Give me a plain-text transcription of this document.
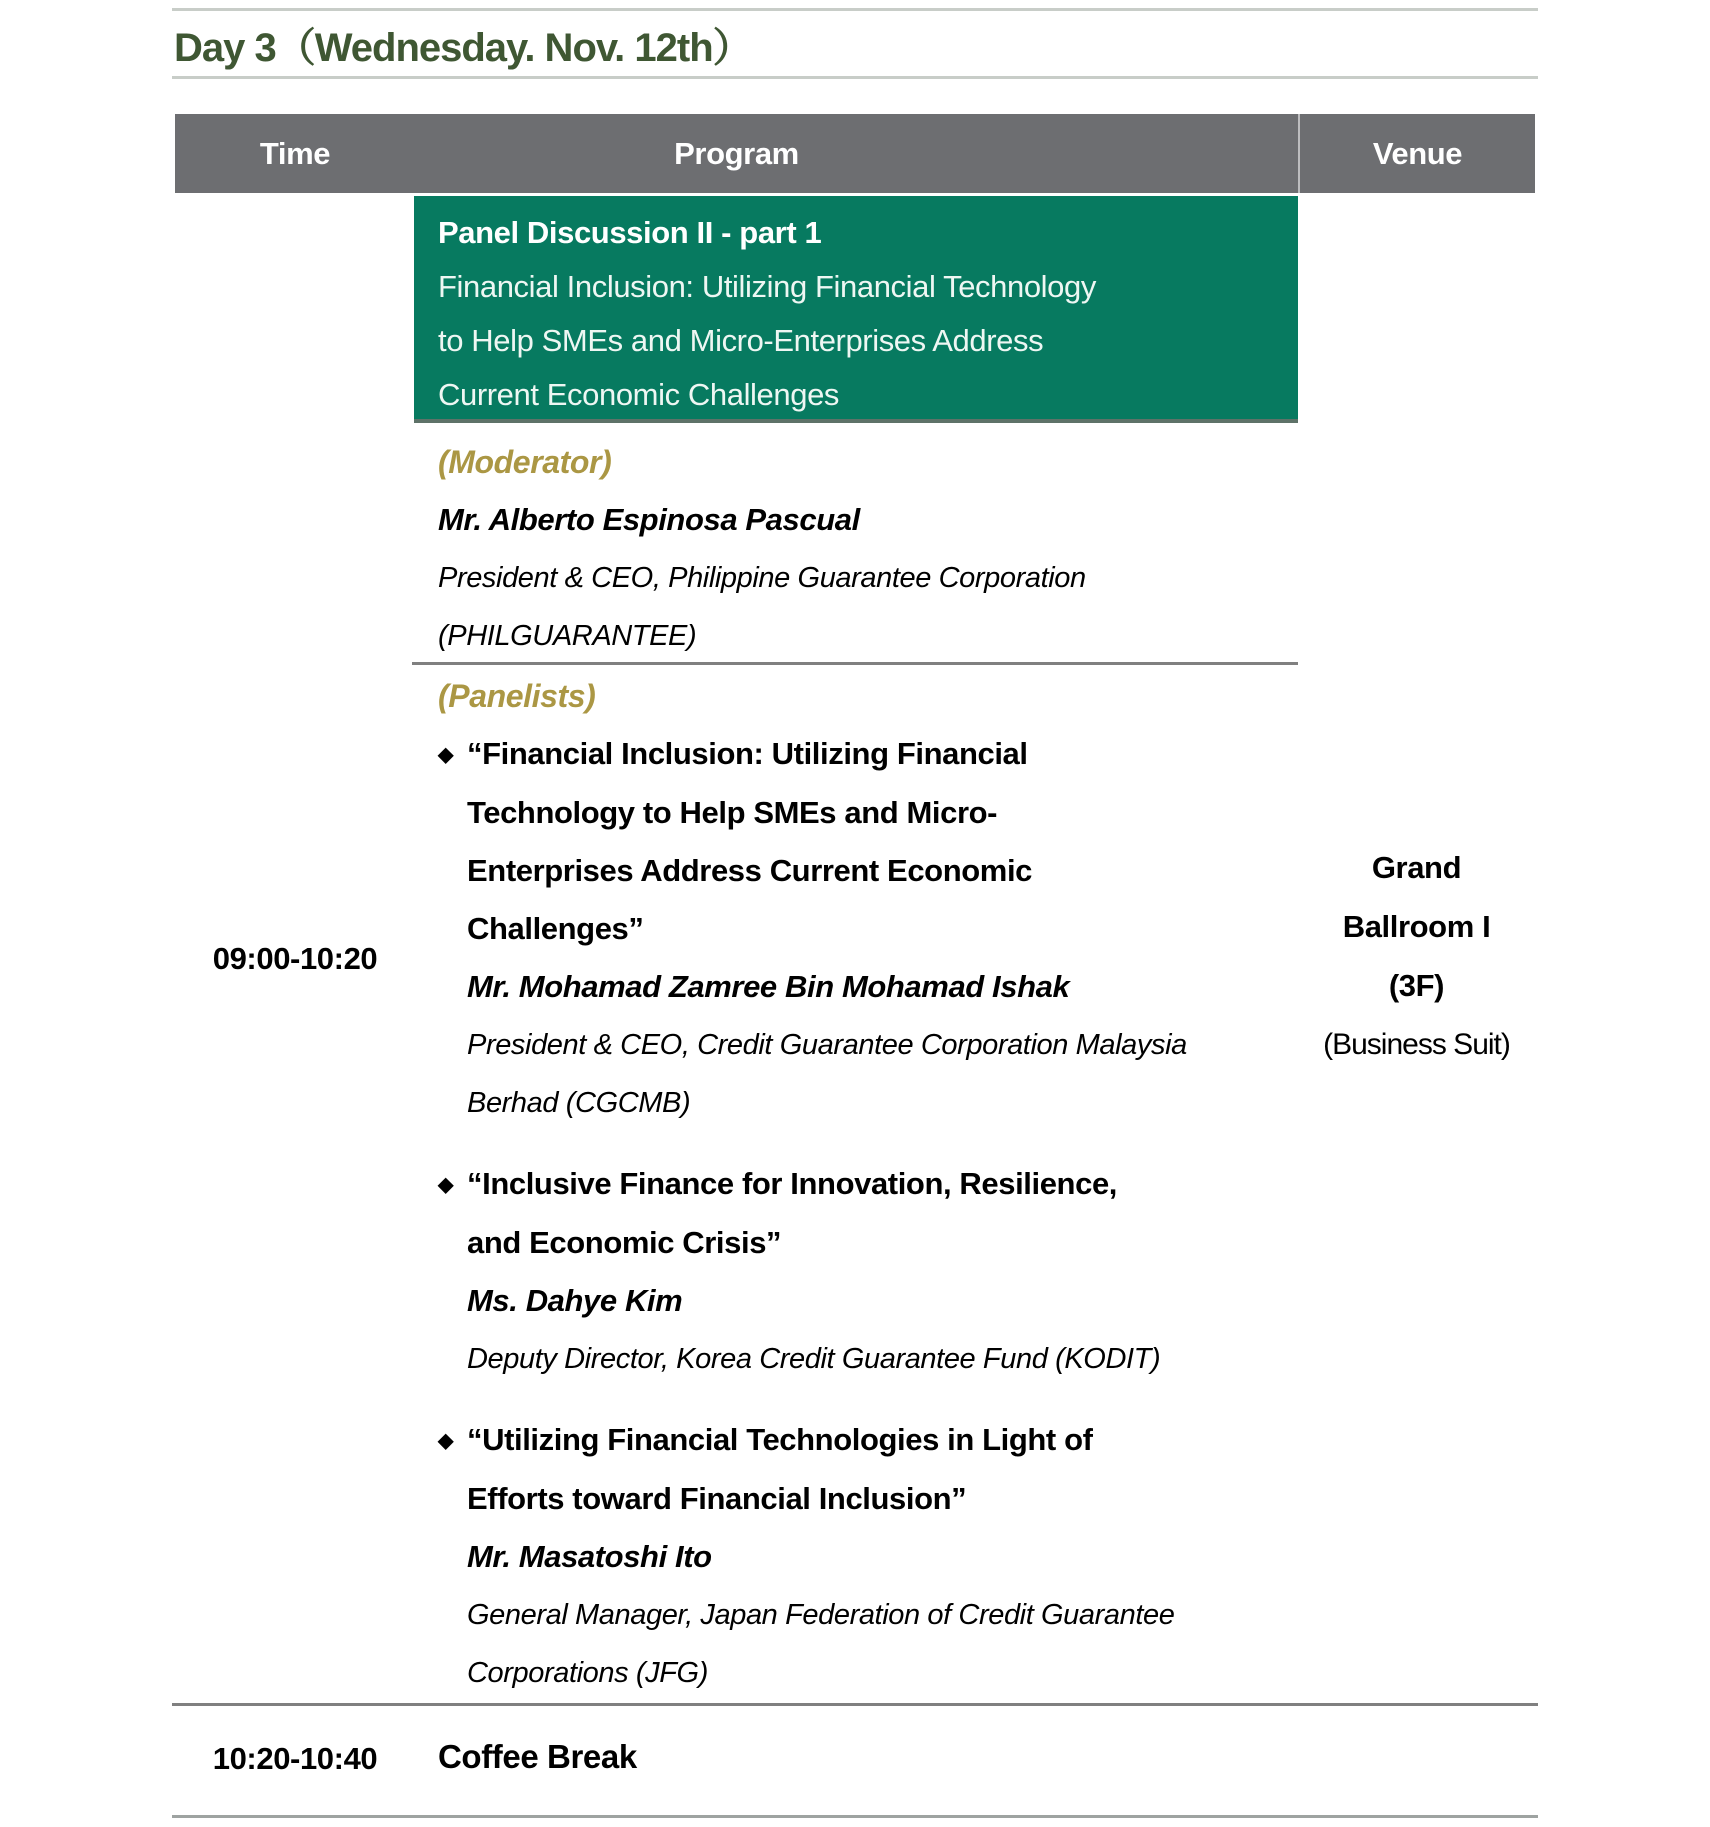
Day 3（Wednesday. Nov. 12th）
Program
Time	Venue
09:00-10:20
Panel Discussion II - part 1
Financial Inclusion: Utilizing Financial Technology
to Help SMEs and Micro-Enterprises Address
Current Economic Challenges
(Moderator)
Mr. Alberto Espinosa Pascual
President & CEO, Philippine Guarantee Corporation
(PHILGUARANTEE)
(Panelists)
◆ “Financial Inclusion: Utilizing Financial
Technology to Help SMEs and Micro-
Enterprises Address Current Economic
Challenges”
Mr. Mohamad Zamree Bin Mohamad Ishak
President & CEO, Credit Guarantee Corporation Malaysia
Berhad (CGCMB)
◆ “Inclusive Finance for Innovation, Resilience,
and Economic Crisis”
Ms. Dahye Kim
Deputy Director, Korea Credit Guarantee Fund (KODIT)
◆ “Utilizing Financial Technologies in Light of
Efforts toward Financial Inclusion”
Mr. Masatoshi Ito
General Manager, Japan Federation of Credit Guarantee
Corporations (JFG)
Grand
Ballroom I
(3F)
(Business Suit)
10:20-10:40	Coffee Break
